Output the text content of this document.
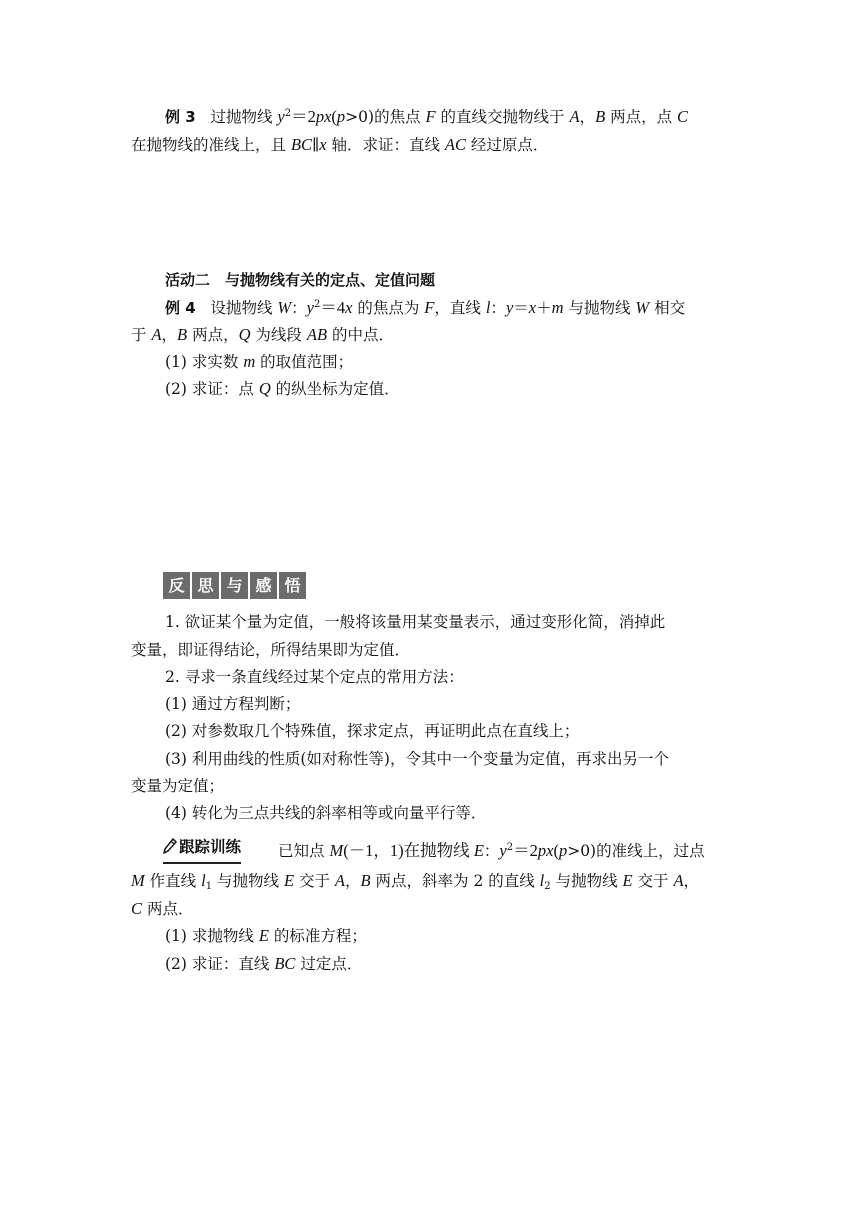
例 3 过抛物线 $y^2=2px(p>0)$的焦点 F 的直线交抛物线于 A，B 两点，点 C
在抛物线的准线上，且 BC∥x 轴．求证：直线 AC 经过原点．
活动二　与抛物线有关的定点、定值问题
例 4 设抛物线 W：$y^2=4x$ 的焦点为 F，直线 l：y＝x＋m 与抛物线 W 相交
于 A，B 两点，Q 为线段 AB 的中点．
(1) 求实数 m 的取值范围；
(2) 求证：点 Q 的纵坐标为定值．
反 思 与 感 悟
1. 欲证某个量为定值，一般将该量用某变量表示，通过变形化简，消掉此
变量，即证得结论，所得结果即为定值．
2. 寻求一条直线经过某个定点的常用方法：
(1) 通过方程判断；
(2) 对参数取几个特殊值，探求定点，再证明此点在直线上；
(3) 利用曲线的性质(如对称性等)，令其中一个变量为定值，再求出另一个
变量为定值；
(4) 转化为三点共线的斜率相等或向量平行等．
跟踪训练 已知点 M(－1，1)在抛物线 E：$y^2=2px(p>0)$的准线上，过点
M 作直线 $l_1$ 与抛物线 E 交于 A，B 两点，斜率为 2 的直线 $l_2$ 与抛物线 E 交于 A，
C 两点．
(1) 求抛物线 E 的标准方程；
(2) 求证：直线 BC 过定点．
